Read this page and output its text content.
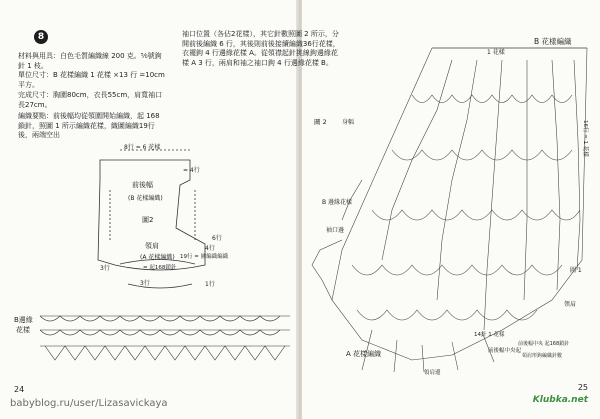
8
材料與用具：白色毛質編織線 200 克。⁵⁄₀號鉤針 1 枝。
單位尺寸：B 花樣編織 1 花樣 ×13 行 =10cm 平方。
完成尺寸：胸圍80cm，衣長55cm，肩寬袖口長27cm。
編織要點：前後幅均從領圍開始編織，起 168 鎖針，照圖 1 所示編織花樣，織圖編織19行後，兩端空出
8行 = 6 花樣
前後幅
(B 花樣編織)
圖2
= 4行
6行
4行
領肩
(A 花樣編織)
= 起168鎖針
19行 = 圖編織編織
3行
3行	1行
B邊緣
花樣
24
袖口位置（各佔2花樣），其它針數照圖 2 所示，分開前後編織 6 行，其後則前後接續編織36行花樣，衣襬鉤 4 行邊緣花樣 A。從領襟起針挑線鉤邊緣花樣 A 3 行，兩肩和袖之袖口鉤 4 行邊緣花樣 B。
B 花樣編織
1 花樣
16行 = 1 花樣
圖 2	身幅
B 邊緣花樣
袖口邊
A 花樣編織
圖 1
領肩
14針 1 花樣
前後幅中央起
前後幅中央 起168鎖針
領肩形鉤編織針數
領肩邊
25
babyblog.ru/user/Lizasavickaya	Klubka.net
